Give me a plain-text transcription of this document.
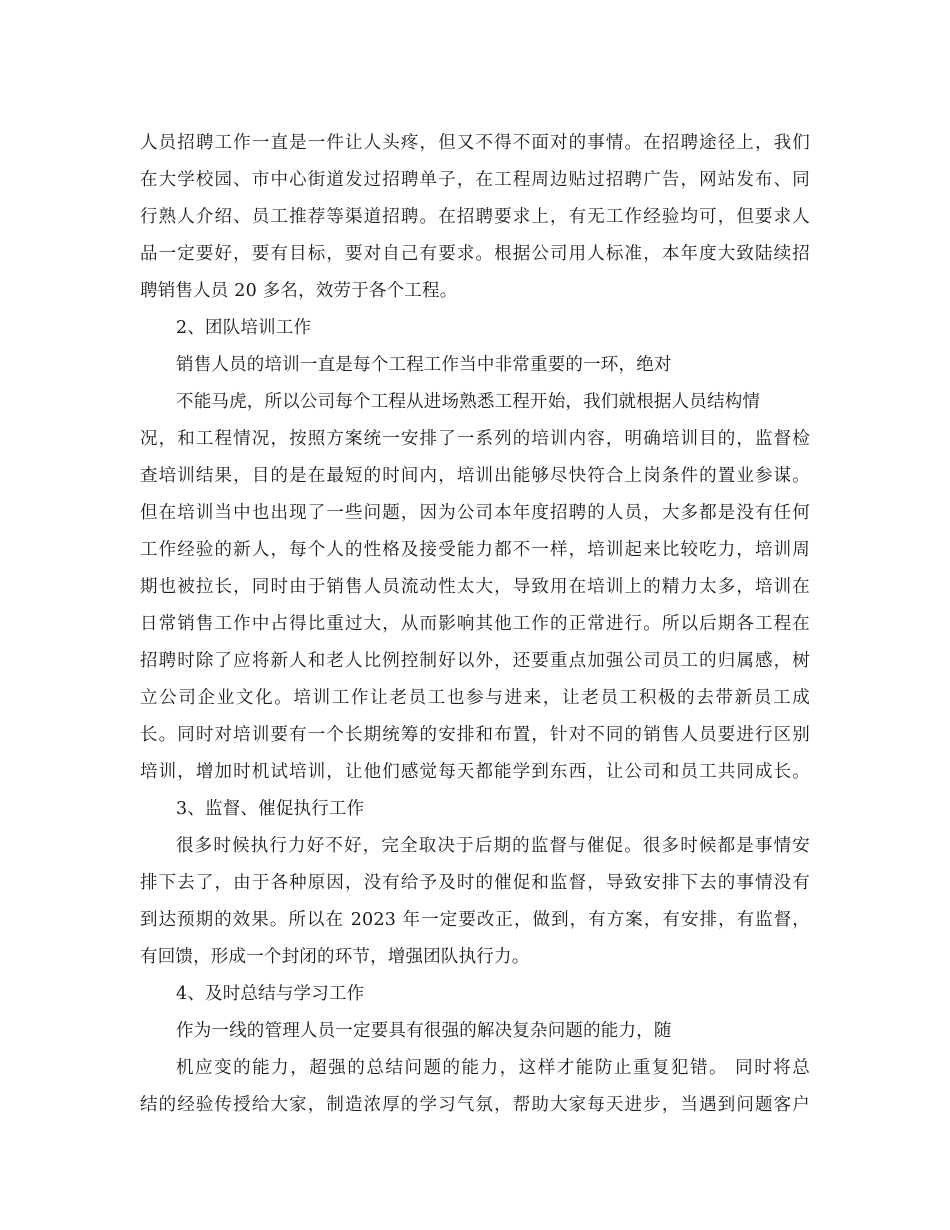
人员招聘工作一直是一件让人头疼，但又不得不面对的事情。在招聘途径上，我们
在大学校园、市中心街道发过招聘单子，在工程周边贴过招聘广告，网站发布、同
行熟人介绍、员工推荐等渠道招聘。在招聘要求上，有无工作经验均可，但要求人
品一定要好，要有目标，要对自己有要求。根据公司用人标准，本年度大致陆续招
聘销售人员 20 多名，效劳于各个工程。
2、团队培训工作
销售人员的培训一直是每个工程工作当中非常重要的一环，绝对
不能马虎，所以公司每个工程从进场熟悉工程开始，我们就根据人员结构情
况，和工程情况，按照方案统一安排了一系列的培训内容，明确培训目的，监督检
查培训结果，目的是在最短的时间内，培训出能够尽快符合上岗条件的置业参谋。
但在培训当中也出现了一些问题，因为公司本年度招聘的人员，大多都是没有任何
工作经验的新人，每个人的性格及接受能力都不一样，培训起来比较吃力，培训周
期也被拉长，同时由于销售人员流动性太大，导致用在培训上的精力太多，培训在
日常销售工作中占得比重过大，从而影响其他工作的正常进行。所以后期各工程在
招聘时除了应将新人和老人比例控制好以外，还要重点加强公司员工的归属感，树
立公司企业文化。培训工作让老员工也参与进来，让老员工积极的去带新员工成
长。同时对培训要有一个长期统筹的安排和布置，针对不同的销售人员要进行区别
培训，增加时机试培训，让他们感觉每天都能学到东西，让公司和员工共同成长。
3、监督、催促执行工作
很多时候执行力好不好，完全取决于后期的监督与催促。很多时候都是事情安
排下去了，由于各种原因，没有给予及时的催促和监督，导致安排下去的事情没有
到达预期的效果。所以在 2023 年一定要改正，做到，有方案，有安排，有监督，
有回馈，形成一个封闭的环节，增强团队执行力。
4、及时总结与学习工作
作为一线的管理人员一定要具有很强的解决复杂问题的能力，随
机应变的能力，超强的总结问题的能力，这样才能防止重复犯错。 同时将总
结的经验传授给大家，制造浓厚的学习气氛，帮助大家每天进步，当遇到问题客户
